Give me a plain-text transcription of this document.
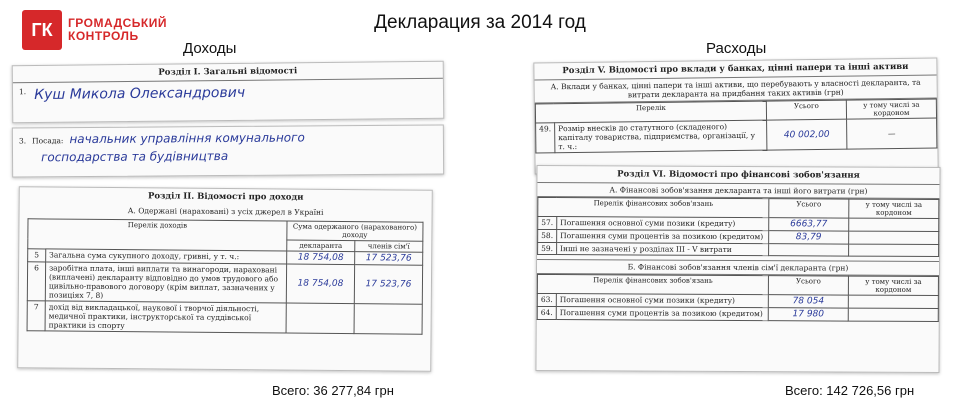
ГК	ГРОМАДСЬКИЙ
КОНТРОЛЬ
Декларация за 2014 год
Доходы	Расходы
Розділ І. Загальні відомості
1. Куш Микола Олександрович
3. Посада: начальник управління комунального
господарства та будівництва
Розділ ІІ. Відомості про доходи
А. Одержані (нараховані) з усіх джерел в Україні
Перелік доходів		Сума одержаного (нарахованого) доходу	
		декларанта	членів сім'ї
5	Загальна сума сукупного доходу, гривні, у т. ч.:	18 754,08	17 523,76
6	заробітна плата, інші виплати та винагороди, нараховані (виплачені) декларанту відповідно до умов трудового або цивільно-правового договору (крім виплат, зазначених у позиціях 7, 8)	18 754,08	17 523,76
7	дохід від викладацької, наукової і творчої діяльності, медичної практики, інструкторської та суддівської практики із спорту		
Всего: 36 277,84 грн
Розділ V. Відомості про вклади у банках, цінні папери та інші активи
А. Вклади у банках, цінні папери та інші активи, що перебувають у власності декларанта, та витрати декларанта на придбання таких активів (грн)
Перелік		Усього	у тому числі за кордоном
49.	Розмір внесків до статутного (складеного) капіталу товариства, підприємства, організації, у т. ч.:	40 002,00	—
Розділ VI. Відомості про фінансові зобов'язання
А. Фінансові зобов'язання декларанта та інші його витрати (грн)
Перелік фінансових зобов'язань		Усього	у тому числі за кордоном
57.	Погашення основної суми позики (кредиту)	6663,77	
58.	Погашення суми процентів за позикою (кредитом)	83,79	
59.	Інші не зазначені у розділах ІІІ - V витрати		
Б. Фінансові зобов'язання членів сім'ї декларанта (грн)
Перелік фінансових зобов'язань		Усього	у тому числі за кордоном
63.	Погашення основної суми позики (кредиту)	78 054	
64.	Погашення суми процентів за позикою (кредитом)	17 980	
Всего: 142 726,56 грн
